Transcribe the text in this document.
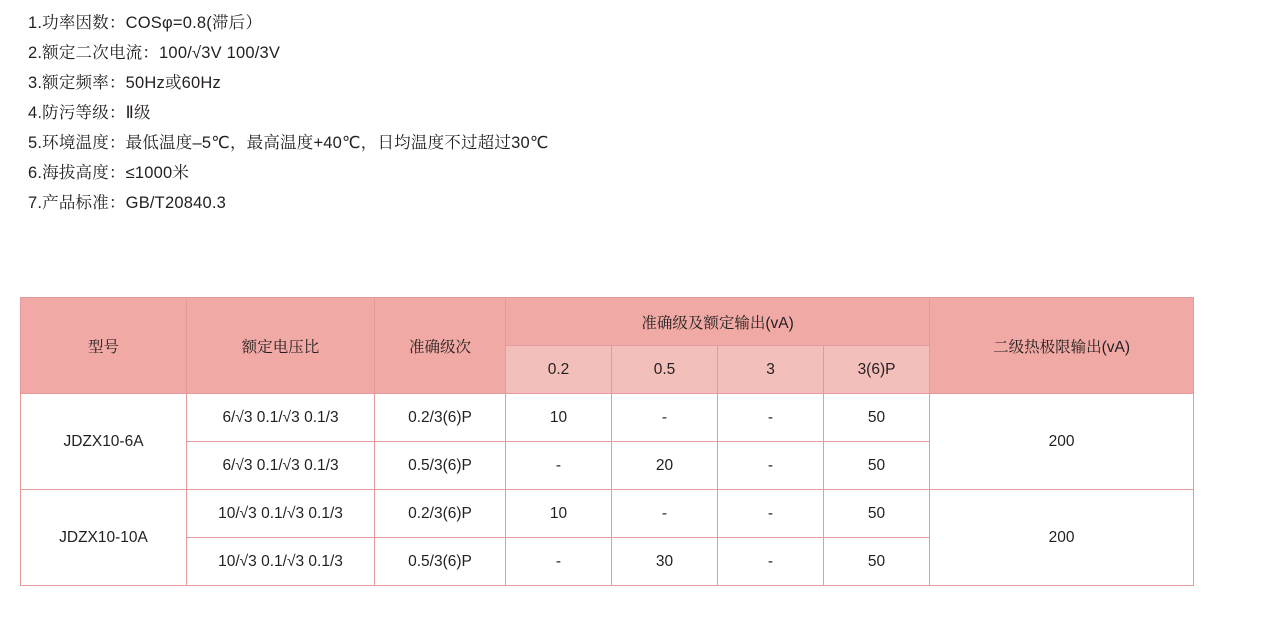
1.功率因数：COSφ=0.8(滞后）
2.额定二次电流：100/√3V 100/3V
3.额定频率：50Hz或60Hz
4.防污等级：Ⅱ级
5.环境温度：最低温度–5℃，最高温度+40℃，日均温度不过超过30℃
6.海拔高度：≤1000米
7.产品标准：GB/T20840.3
型号	额定电压比	准确级次	准确级及额定输出(vA)				二级热极限输出(vA)
			0.2	0.5	3	3(6)P	
JDZX10-6A	6/√3 0.1/√3 0.1/3	0.2/3(6)P	10	-	-	50	200
	6/√3 0.1/√3 0.1/3	0.5/3(6)P	-	20	-	50	
JDZX10-10A	10/√3 0.1/√3 0.1/3	0.2/3(6)P	10	-	-	50	200
	10/√3 0.1/√3 0.1/3	0.5/3(6)P	-	30	-	50	
